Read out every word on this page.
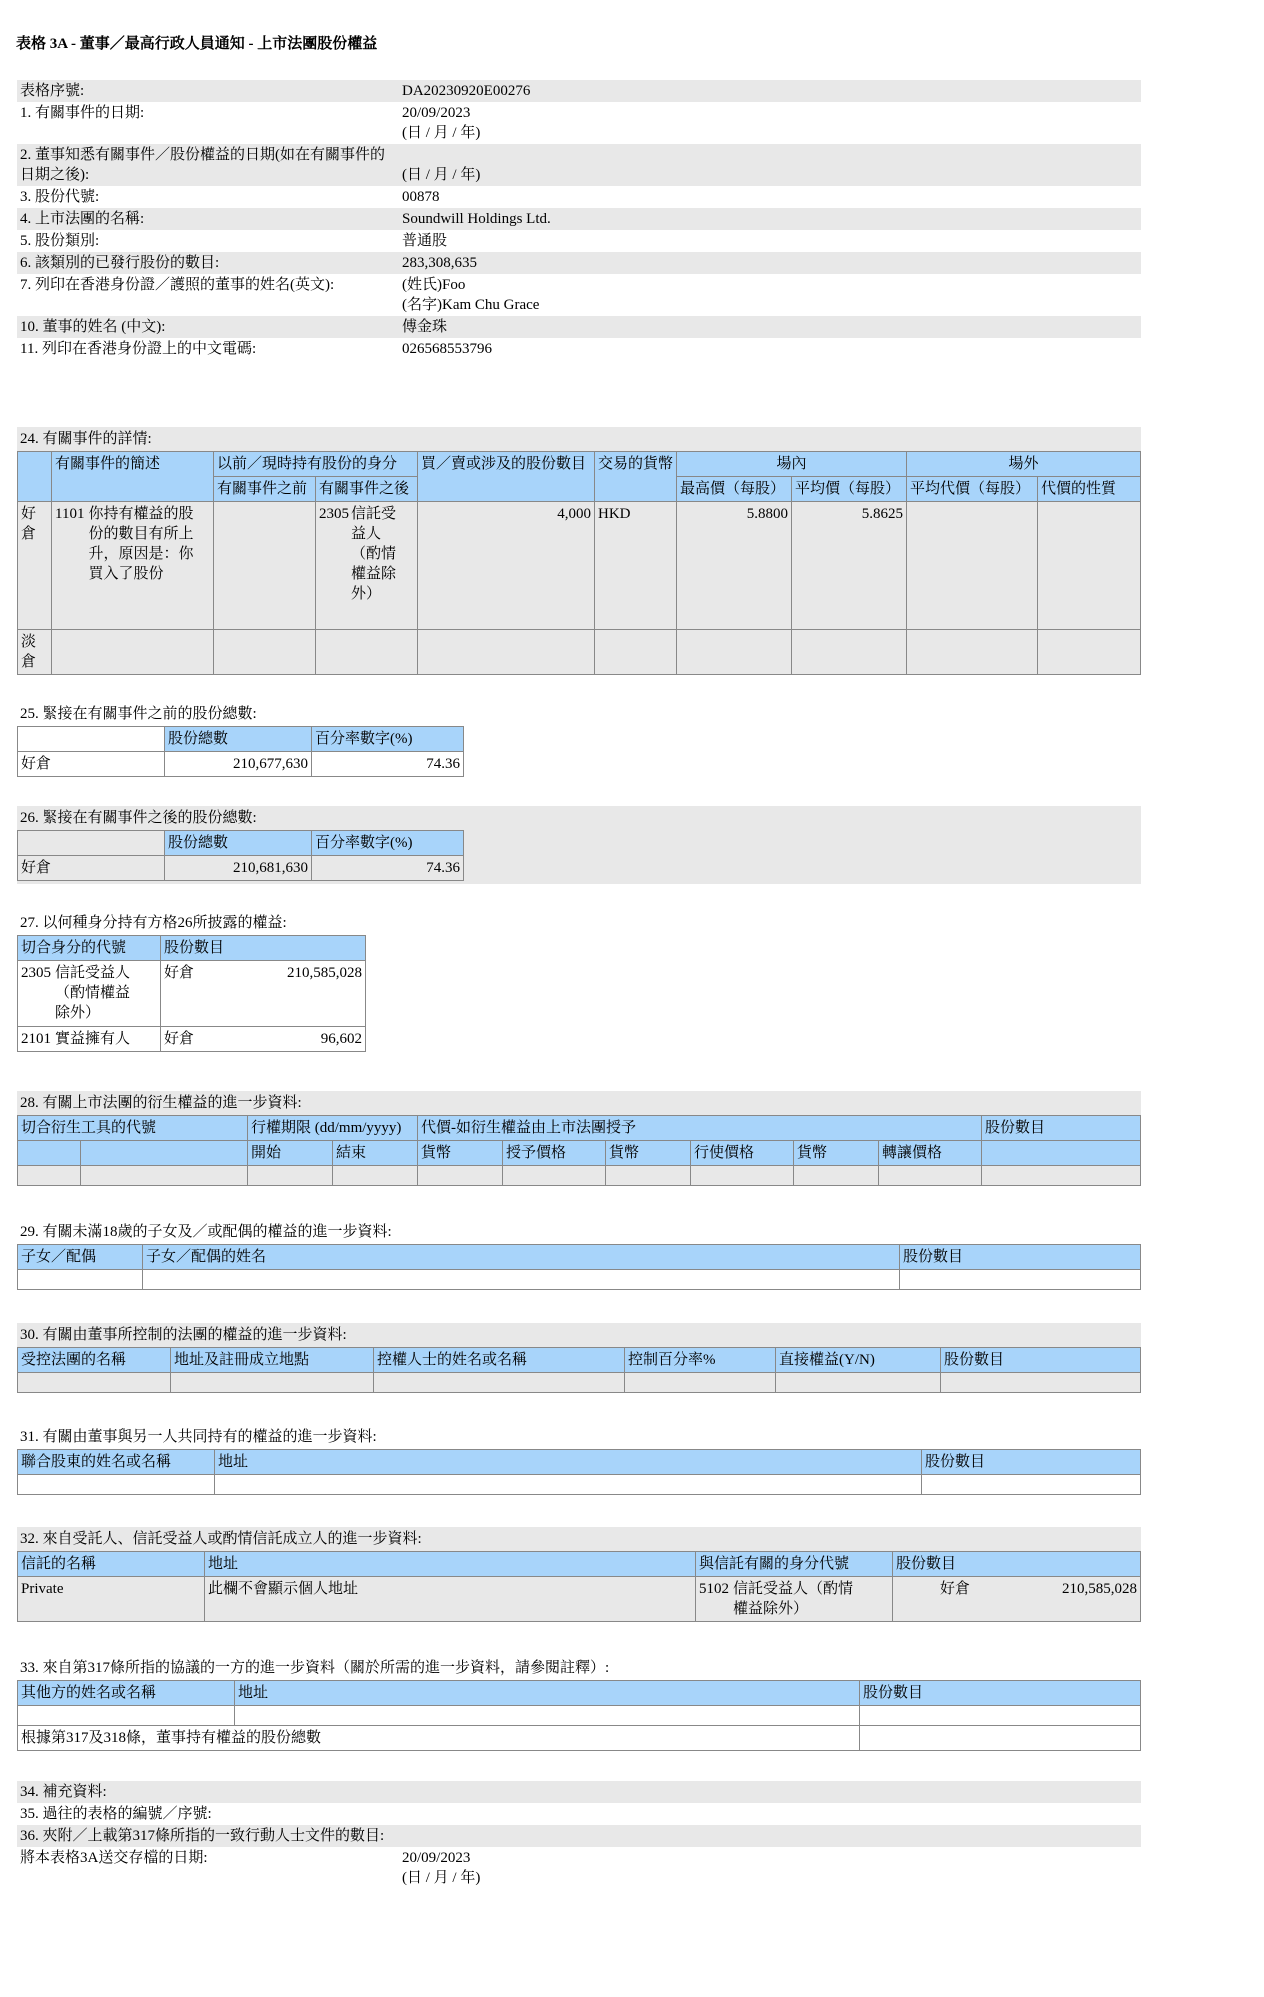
表格 3A - 董事／最高行政人員通知 - 上市法團股份權益
表格序號:	DA20230920E00276
1. 有關事件的日期:	20/09/2023
(日 / 月 / 年)

2. 董事知悉有關事件／股份權益的日期(如在有關事件的日期之後):	(日 / 月 / 年)

3. 股份代號:	00878
4. 上市法團的名稱:	Soundwill Holdings Ltd.
5. 股份類別:	普通股
6. 該類別的已發行股份的數目:	283,308,635
7. 列印在香港身份證／護照的董事的姓名(英文):	(姓氏)Foo
(名字)Kam Chu Grace

10. 董事的姓名 (中文):	傅金珠
11. 列印在香港身份證上的中文電碼:	026568553796
24. 有關事件的詳情:
	有關事件的簡述	以前／現時持有股份的身分		買／賣或涉及的股份數目	交易的貨幣	場內		場外	
		有關事件之前	有關事件之後			最高價（每股）	平均價（每股）	平均代價（每股）	代價的性質
好倉	1101 你持有權益的股份的數目有所上升，原因是：你買入了股份		2305 信託受益人（酌情權益除外）	4,000	HKD	5.8800	5.8625		
淡倉									
25. 緊接在有關事件之前的股份總數:
	股份總數	百分率數字(%)
好倉	210,677,630	74.36
26. 緊接在有關事件之後的股份總數:
	股份總數	百分率數字(%)
好倉	210,681,630	74.36
27. 以何種身分持有方格26所披露的權益:
切合身分的代號	股份數目	

2305 信託受益人（酌情權益除外）	好倉	210,585,028
2101 實益擁有人	好倉	96,602
28. 有關上市法團的衍生權益的進一步資料:
切合衍生工具的代號		行權期限 (dd/mm/yyyy)		代價-如衍生權益由上市法團授予						股份數目
		開始	結束	貨幣	授予價格	貨幣	行使價格	貨幣	轉讓價格	

29. 有關未滿18歲的子女及／或配偶的權益的進一步資料:
子女／配偶	子女／配偶的姓名	股份數目

30. 有關由董事所控制的法團的權益的進一步資料:
受控法團的名稱	地址及註冊成立地點	控權人士的姓名或名稱	控制百分率%	直接權益(Y/N)	股份數目

31. 有關由董事與另一人共同持有的權益的進一步資料:
聯合股東的姓名或名稱	地址	股份數目

32. 來自受託人、信託受益人或酌情信託成立人的進一步資料:
信託的名稱	地址	與信託有關的身分代號	股份數目
Private	此欄不會顯示個人地址	5102 信託受益人（酌情權益除外）	好倉 210,585,028
33. 來自第317條所指的協議的一方的進一步資料（關於所需的進一步資料，請參閱註釋）:
其他方的姓名或名稱	地址	股份數目

根據第317及318條，董事持有權益的股份總數		
34. 補充資料:	
35. 過往的表格的編號／序號:	
36. 夾附／上載第317條所指的一致行動人士文件的數目:	
將本表格3A送交存檔的日期:	20/09/2023
(日 / 月 / 年)
